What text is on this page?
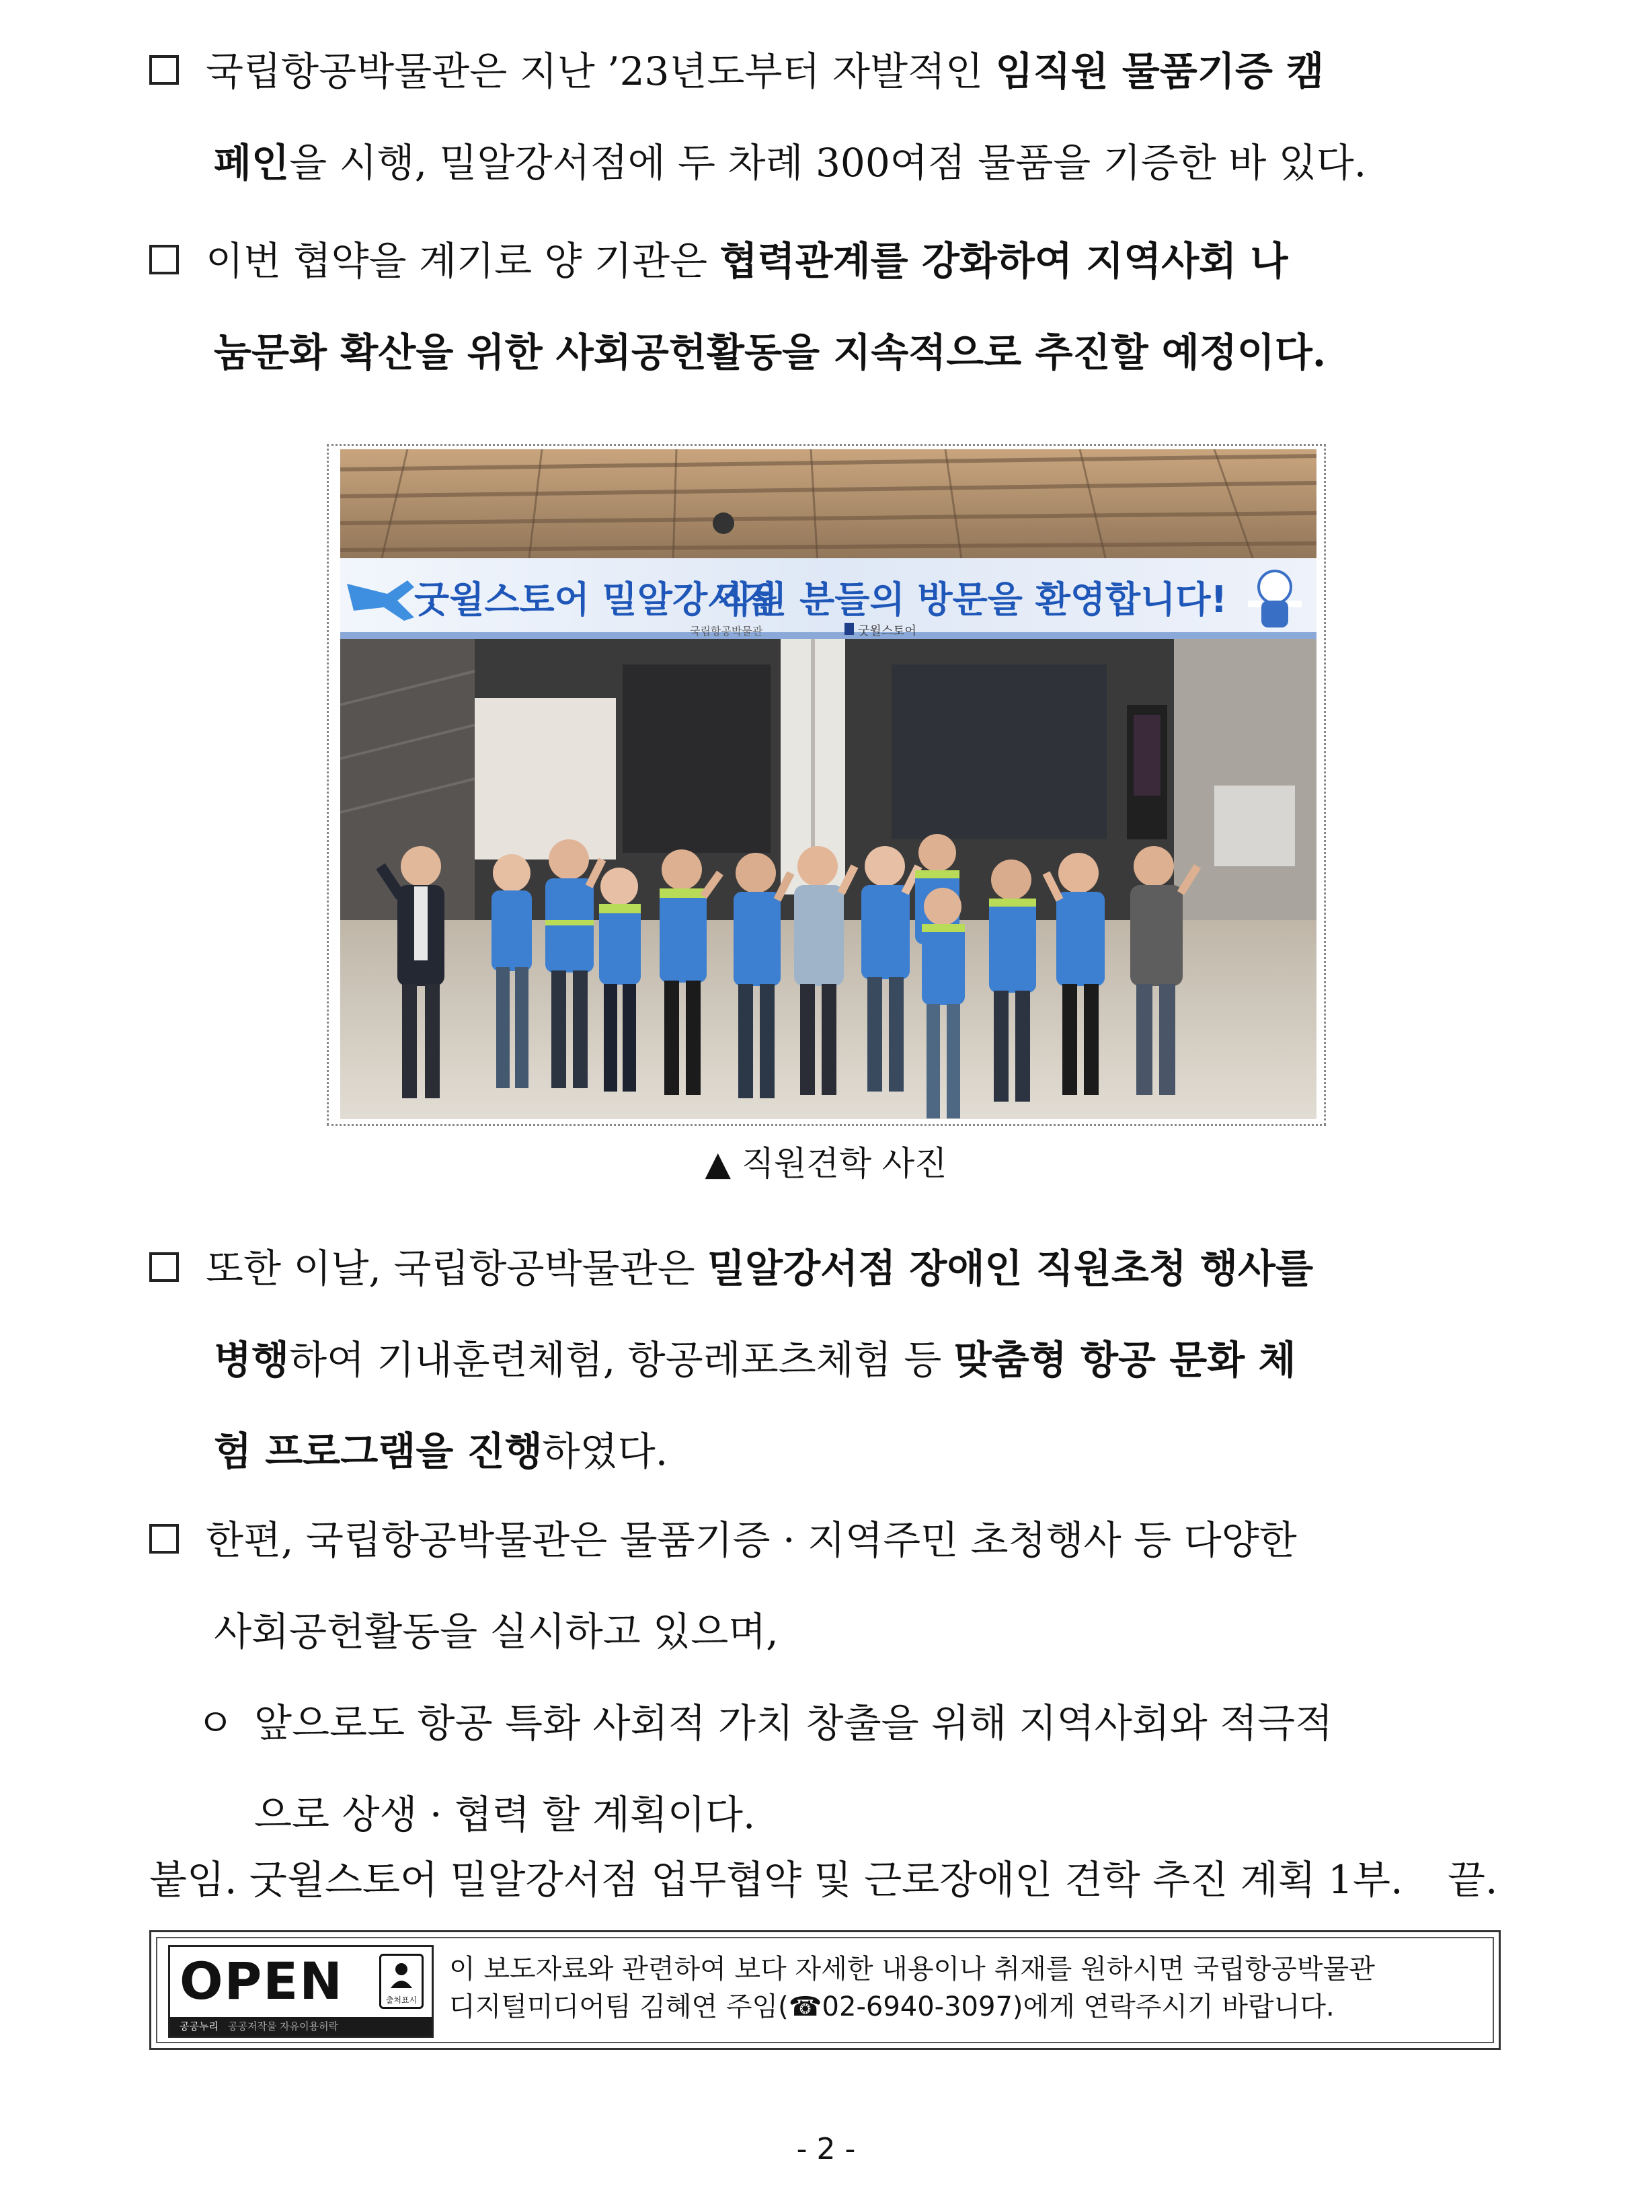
국립항공박물관은 지난 ’23년도부터 자발적인 임직원 물품기증 캠
페인을 시행, 밀알강서점에 두 차례 300여점 물품을 기증한 바 있다.
이번 협약을 계기로 양 기관은 협력관계를 강화하여 지역사회 나
눔문화 확산을 위한 사회공헌활동을 지속적으로 추진할 예정이다.
굿윌스토어 밀알강서점
직원 분들의 방문을 환영합니다!
국립항공박물관	굿윌스토어
▲ 직원견학 사진
또한 이날, 국립항공박물관은 밀알강서점 장애인 직원초청 행사를
병행하여 기내훈련체험, 항공레포츠체험 등 맞춤형 항공 문화 체
험 프로그램을 진행하였다.
한편, 국립항공박물관은 물품기증 · 지역주민 초청행사 등 다양한
사회공헌활동을 실시하고 있으며,
ㅇ 앞으로도 항공 특화 사회적 가치 창출을 위해 지역사회와 적극적
으로 상생 · 협력 할 계획이다.
붙임. 굿윌스토어 밀알강서점 업무협약 및 근로장애인 견학 추진 계획 1부. 끝.
OPEN	출처표시
공공누리 공공저작물 자유이용허락
이 보도자료와 관련하여 보다 자세한 내용이나 취재를 원하시면 국립항공박물관
디지털미디어팀 김혜연 주임(☎02-6940-3097)에게 연락주시기 바랍니다.
- 2 -
